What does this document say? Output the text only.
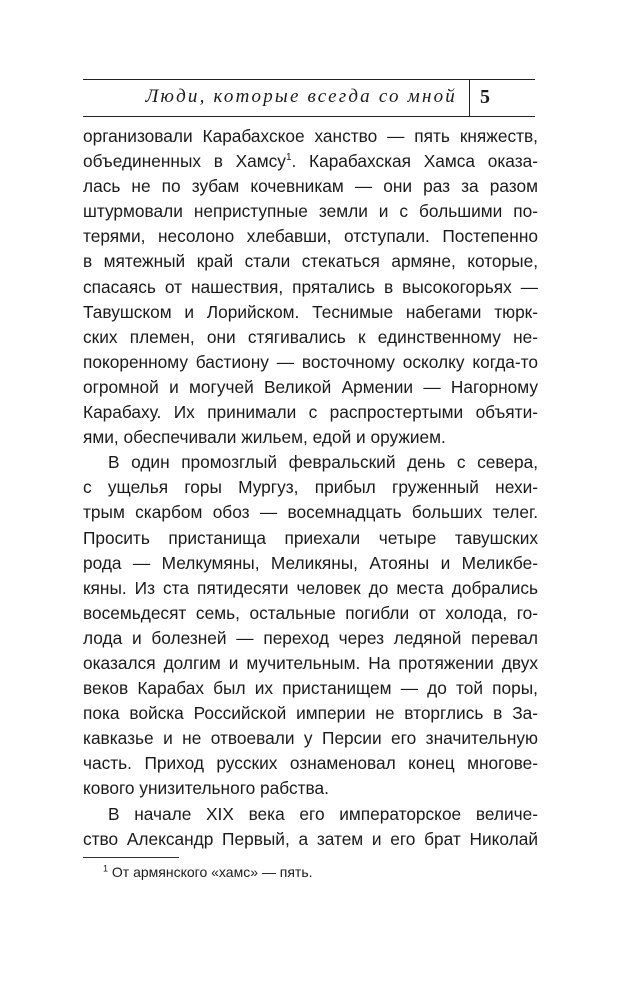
Люди, которые всегда со мной 5
организовали Карабахское ханство — пять княжеств,
объединенных в Хамсу$^1$. Карабахская Хамса оказа-
лась не по зубам кочевникам — они раз за разом
штурмовали неприступные земли и с большими по-
терями, несолоно хлебавши, отступали. Постепенно
в мятежный край стали стекаться армяне, которые,
спасаясь от нашествия, прятались в высокогорьях —
Тавушском и Лорийском. Теснимые набегами тюрк-
ских племен, они стягивались к единственному не-
покоренному бастиону — восточному осколку когда-то
огромной и могучей Великой Армении — Нагорному
Карабаху. Их принимали с распростертыми объяти-
ями, обеспечивали жильем, едой и оружием.
В один промозглый февральский день с севера,
с ущелья горы Мургуз, прибыл груженный нехи-
трым скарбом обоз — восемнадцать больших телег.
Просить пристанища приехали четыре тавушских
рода — Мелкумяны, Меликяны, Атояны и Меликбе-
кяны. Из ста пятидесяти человек до места добрались
восемьдесят семь, остальные погибли от холода, го-
лода и болезней — переход через ледяной перевал
оказался долгим и мучительным. На протяжении двух
веков Карабах был их пристанищем — до той поры,
пока войска Российской империи не вторглись в За-
кавказье и не отвоевали у Персии его значительную
часть. Приход русских ознаменовал конец многове-
кового унизительного рабства.
В начале XIX века его императорское величе-
ство Александр Первый, а затем и его брат Николай
$^1$ От армянского «хамс» — пять.
